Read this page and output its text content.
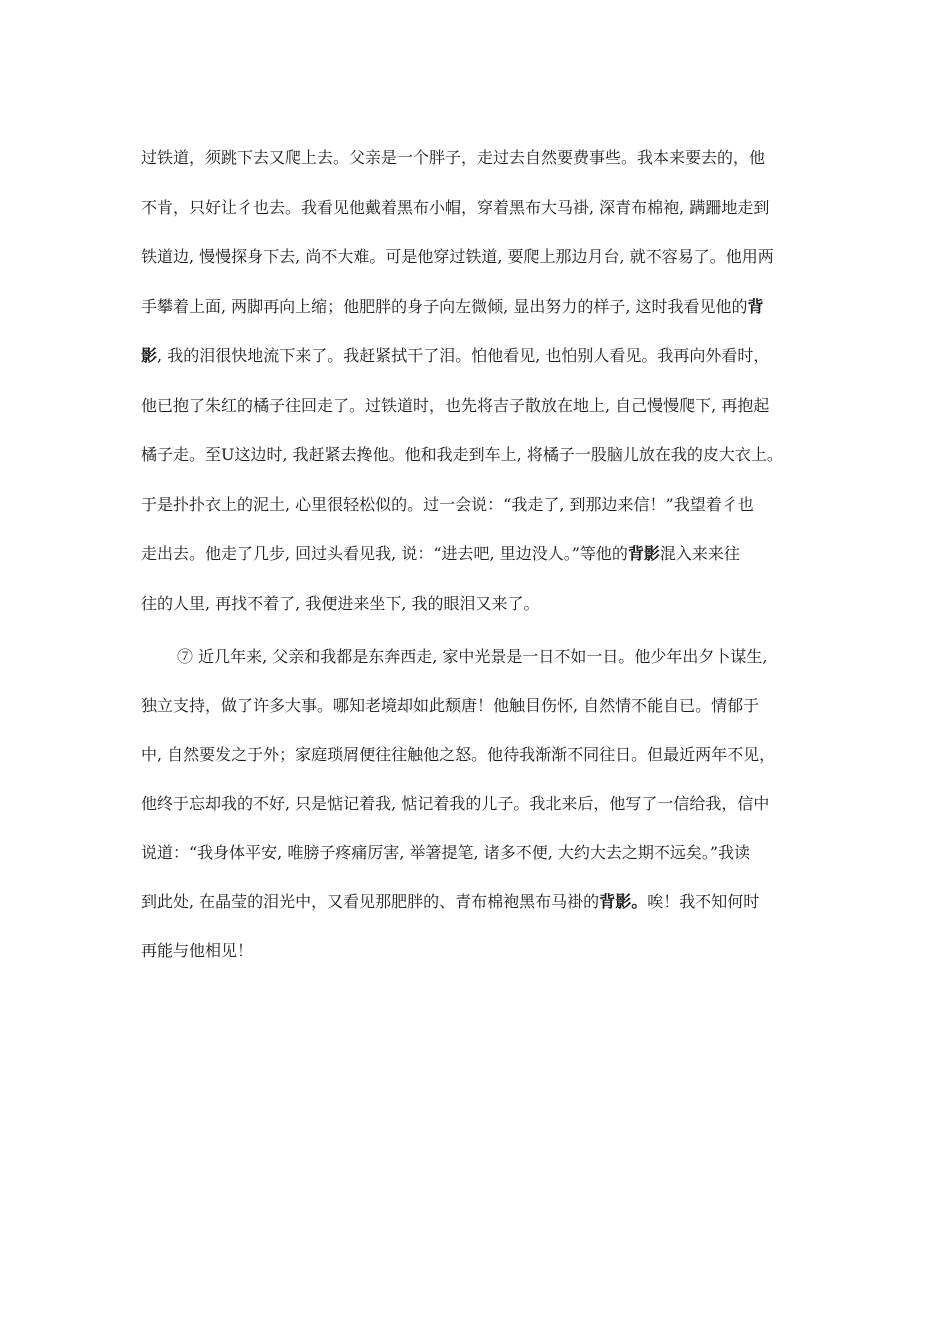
过铁道，须跳下去又爬上去。父亲是一个胖子，走过去自然要费事些。我本来要去的，他
不肯，只好让彳也去。我看见他戴着黑布小帽，穿着黑布大马褂, 深青布棉袍, 蹒跚地走到
铁道边, 慢慢探身下去, 尚不大难。可是他穿过铁道, 要爬上那边月台, 就不容易了。他用两
手攀着上面, 两脚再向上缩；他肥胖的身子向左微倾, 显出努力的样子, 这时我看见他的背
影, 我的泪很快地流下来了。我赶紧拭干了泪。怕他看见, 也怕别人看见。我再向外看时，
他已抱了朱红的橘子往回走了。过铁道时，也先将吉子散放在地上, 自己慢慢爬下, 再抱起
橘子走。至U这边时, 我赶紧去搀他。他和我走到车上, 将橘子一股脑儿放在我的皮大衣上。
于是扑扑衣上的泥土, 心里很轻松似的。过一会说：“我走了, 到那边来信！”我望着彳也
走出去。他走了几步, 回过头看见我, 说：“进去吧, 里边没人。”等他的背影混入来来往
往的人里, 再找不着了, 我便进来坐下, 我的眼泪又来了。
⑦ 近几年来, 父亲和我都是东奔西走, 家中光景是一日不如一日。他少年出夕卜谋生,
独立支持，做了许多大事。哪知老境却如此颓唐！他触目伤怀, 自然情不能自已。情郁于
中, 自然要发之于外；家庭琐屑便往往触他之怒。他待我渐渐不同往日。但最近两年不见，
他终于忘却我的不好, 只是惦记着我, 惦记着我的儿子。我北来后，他写了一信给我，信中
说道：“我身体平安, 唯膀子疼痛厉害, 举箸提笔, 诸多不便, 大约大去之期不远矣。”我读
到此处, 在晶莹的泪光中，又看见那肥胖的、青布棉袍黑布马褂的背影。唉！我不知何时
再能与他相见！
